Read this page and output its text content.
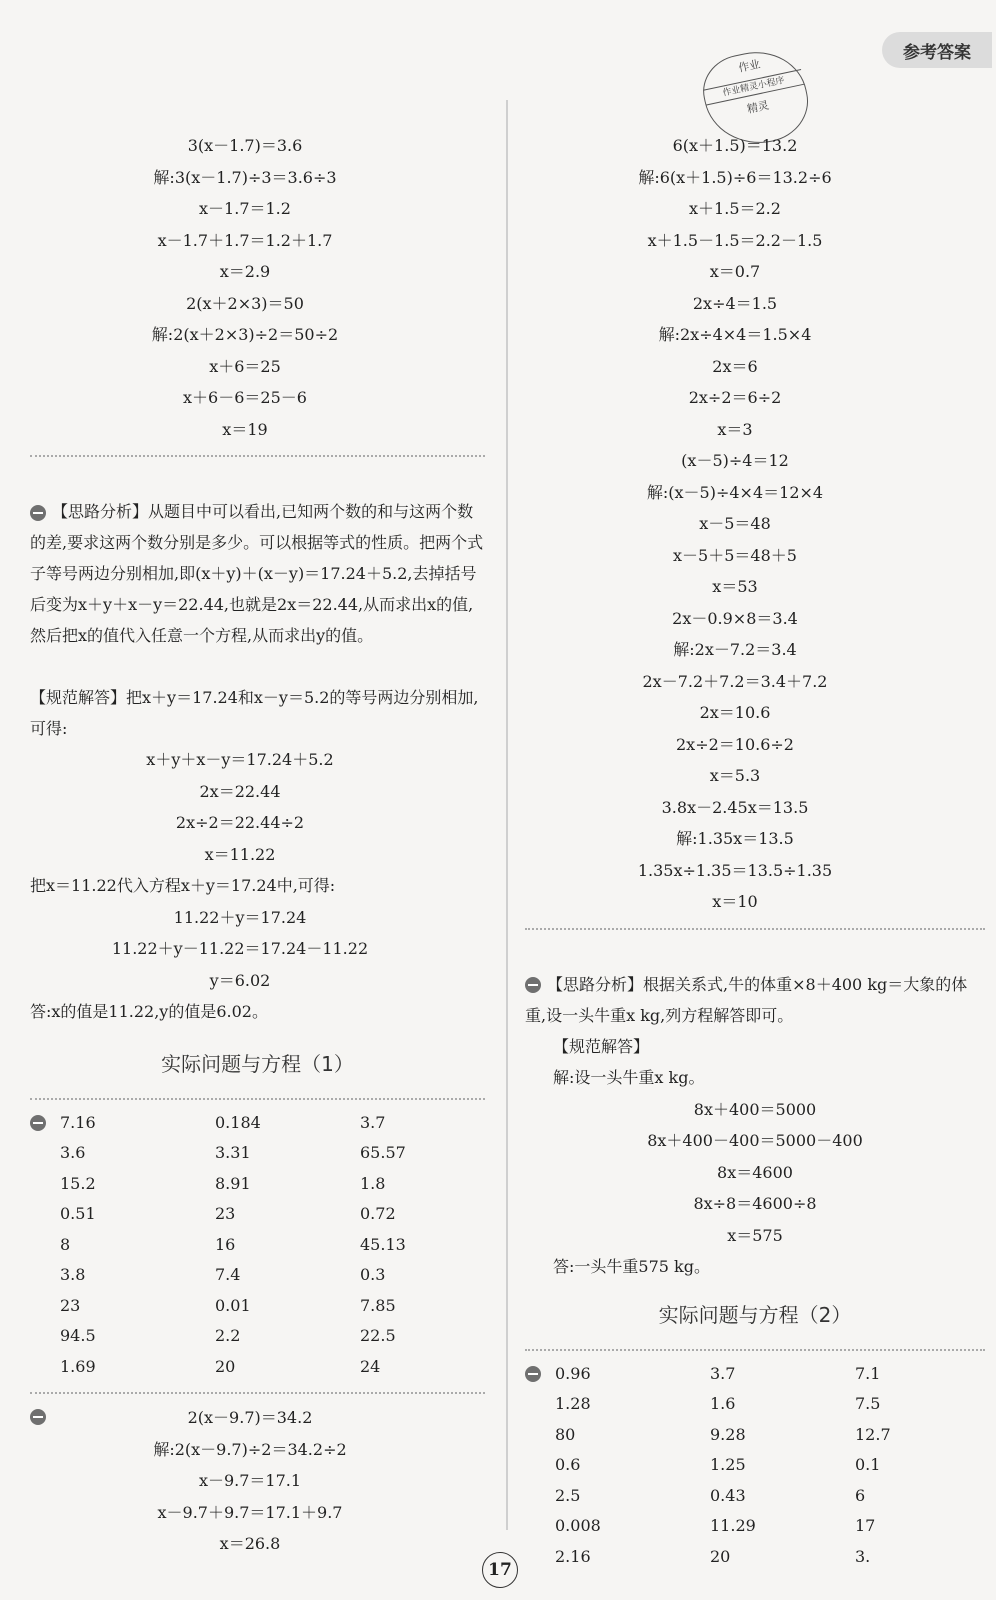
参考答案
作业
作业精灵小程序
精灵
3(x－1.7)＝3.6
解:3(x－1.7)÷3＝3.6÷3
x－1.7＝1.2
x－1.7＋1.7＝1.2＋1.7
x＝2.9
2(x＋2×3)＝50
解:2(x＋2×3)÷2＝50÷2
x＋6＝25
x＋6－6＝25－6
x＝19

【思路分析】从题目中可以看出,已知两个数的和与这两个数的差,要求这两个数分别是多少。可以根据等式的性质。把两个式子等号两边分别相加,即(x＋y)＋(x－y)＝17.24＋5.2,去掉括号后变为x＋y＋x－y＝22.44,也就是2x＝22.44,从而求出x的值,然后把x的值代入任意一个方程,从而求出y的值。

【规范解答】把x＋y＝17.24和x－y＝5.2的等号两边分别相加,可得:

x＋y＋x－y＝17.24＋5.2
2x＝22.44
2x÷2＝22.44÷2
x＝11.22
把x＝11.22代入方程x＋y＝17.24中,可得:
11.22＋y＝17.24
11.22＋y－11.22＝17.24－11.22
y＝6.02
答:x的值是11.22,y的值是6.02。
实际问题与方程（1）
7.16	0.184	3.7
3.6	3.31	65.57
15.2	8.91	1.8
0.51	23	0.72
8	16	45.13
3.8	7.4	0.3
23	0.01	7.85
94.5	2.2	22.5
1.69	20	24
2(x－9.7)＝34.2
解:2(x－9.7)÷2＝34.2÷2
x－9.7＝17.1
x－9.7＋9.7＝17.1＋9.7
x＝26.8
6(x＋1.5)＝13.2
解:6(x＋1.5)÷6＝13.2÷6
x＋1.5＝2.2
x＋1.5－1.5＝2.2－1.5
x＝0.7
2x÷4＝1.5
解:2x÷4×4＝1.5×4
2x＝6
2x÷2＝6÷2
x＝3
(x－5)÷4＝12
解:(x－5)÷4×4＝12×4
x－5＝48
x－5＋5＝48＋5
x＝53
2x－0.9×8＝3.4
解:2x－7.2＝3.4
2x－7.2＋7.2＝3.4＋7.2
2x＝10.6
2x÷2＝10.6÷2
x＝5.3
3.8x－2.45x＝13.5
解:1.35x＝13.5
1.35x÷1.35＝13.5÷1.35
x＝10

【思路分析】根据关系式,牛的体重×8＋400 kg＝大象的体重,设一头牛重x kg,列方程解答即可。

【规范解答】
解:设一头牛重x kg。
8x＋400＝5000
8x＋400－400＝5000－400
8x＝4600
8x÷8＝4600÷8
x＝575
答:一头牛重575 kg。
实际问题与方程（2）
0.96	3.7	7.1
1.28	1.6	7.5
80	9.28	12.7
0.6	1.25	0.1
2.5	0.43	6
0.008	11.29	17
2.16	20	3.
17
